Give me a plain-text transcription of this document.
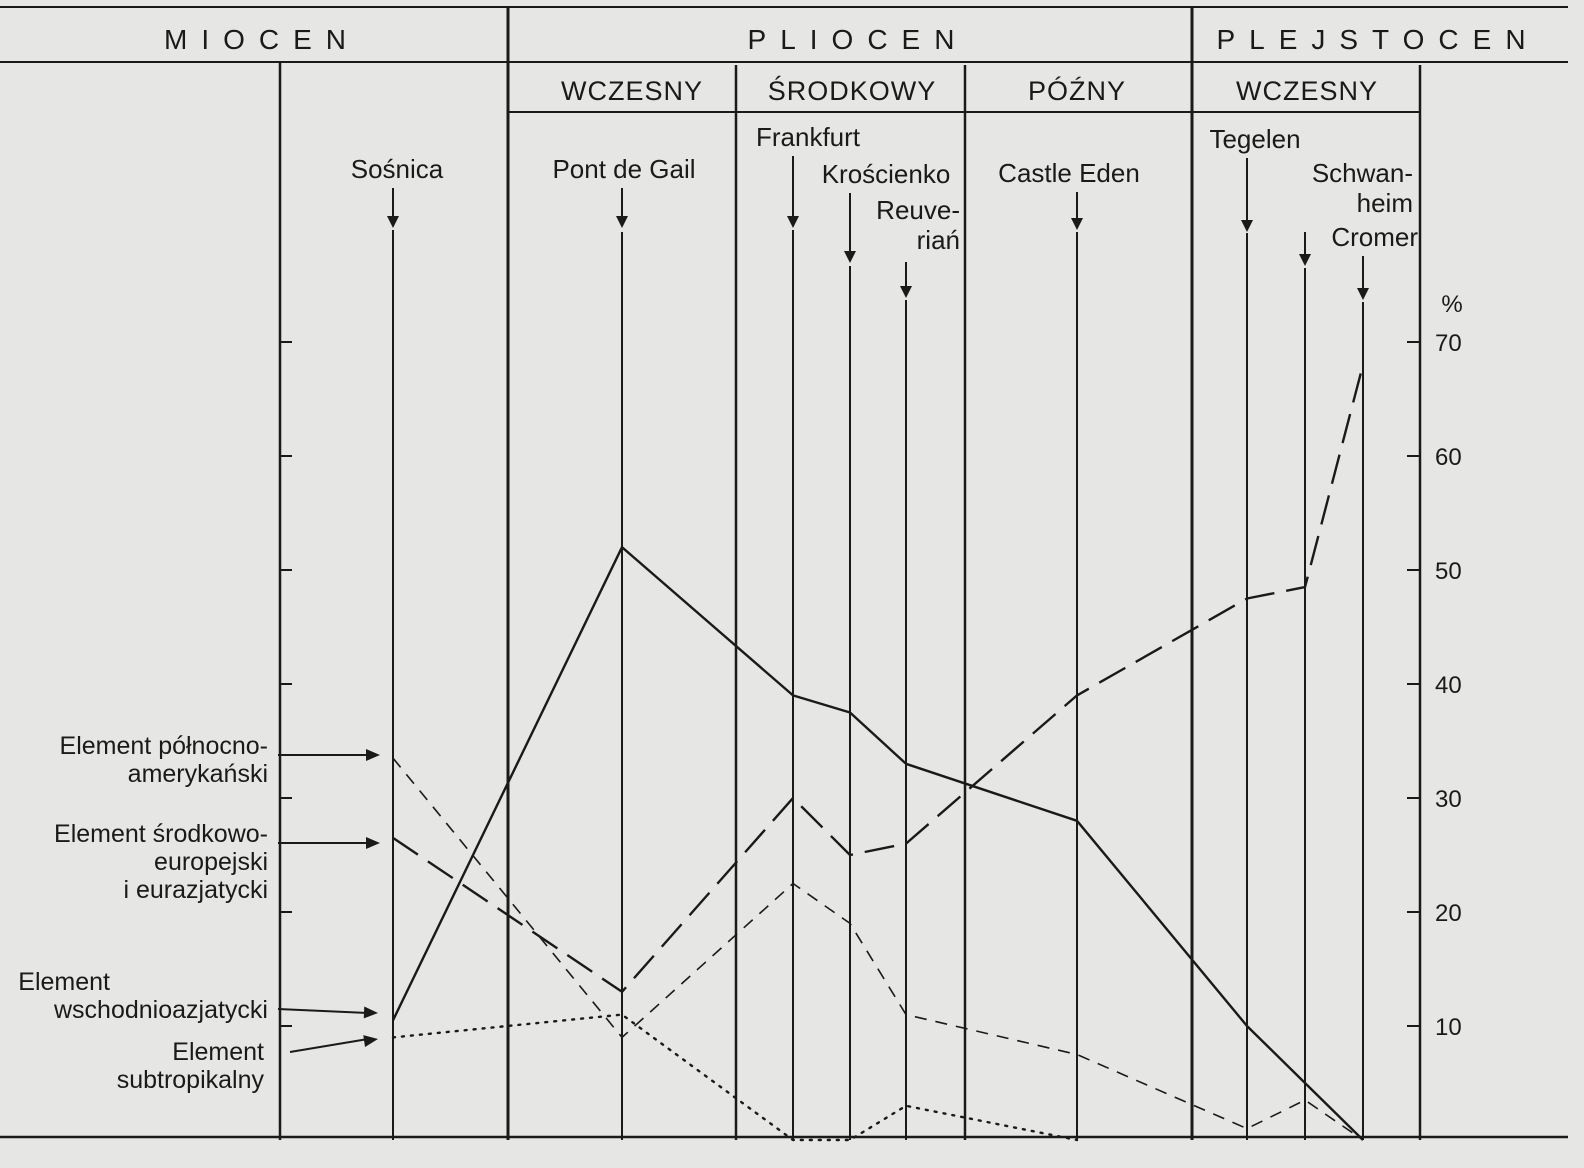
MIOCEN	PLIOCEN	PLEJSTOCEN
WCZESNY ŚRODKOWY	PÓŹNY	WCZESNY
Sośnica	Pont de Gail
Frankfurt
Krościenko
Reuve-riań
Castle Eden
Tegelen
Schwan-heim
Cromer
%
10
20
30
40
50
60
70
Element północno-amerykański
Element środkowo-europejski i eurazjatycki
Element wschodnioazjatycki
Element subtropikalny
